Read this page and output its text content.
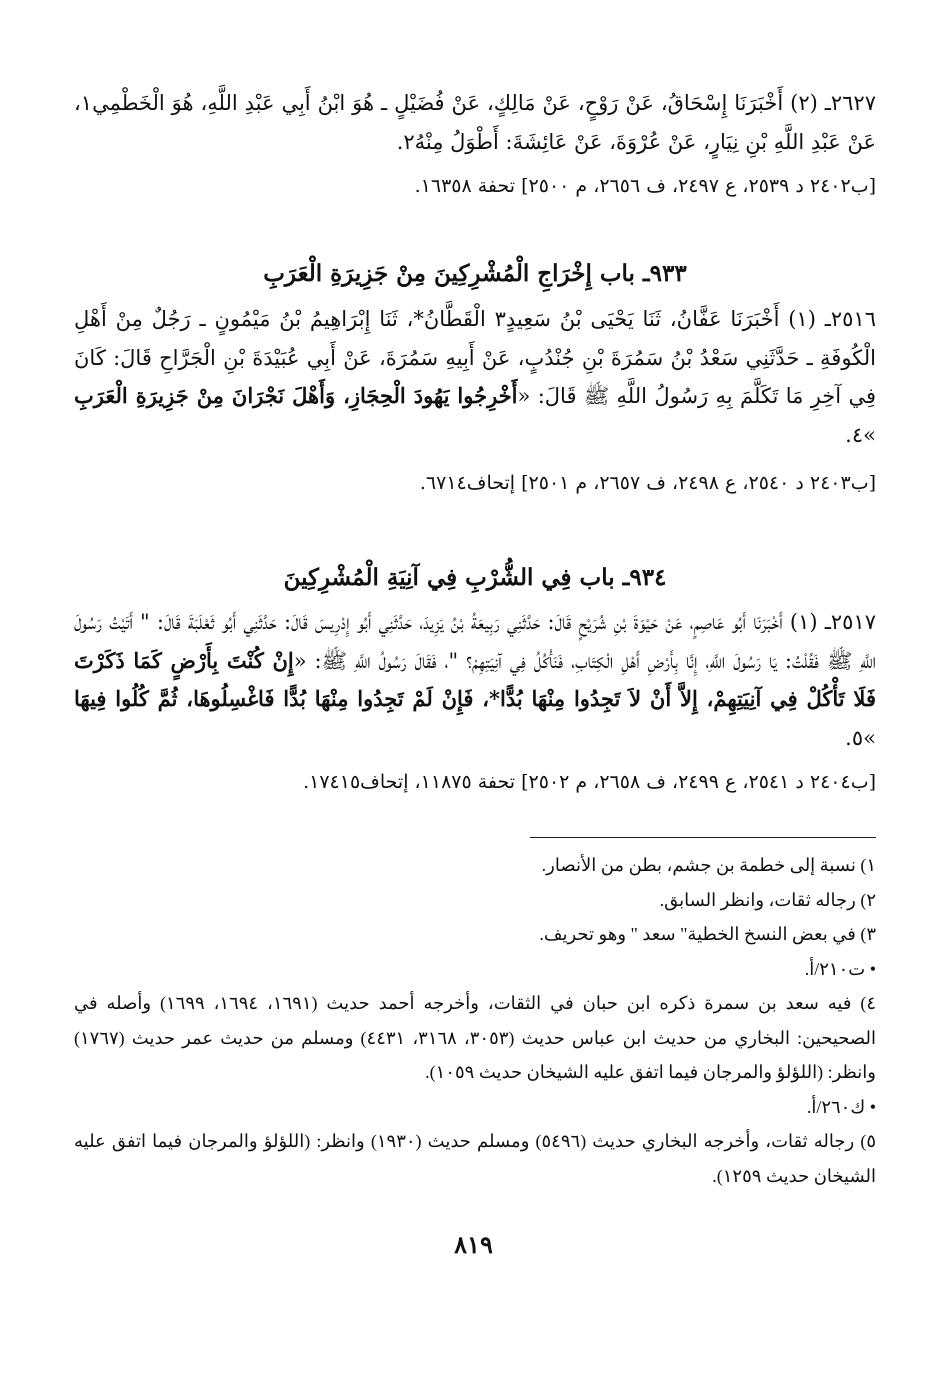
٢٦٢٧ـ (٢) أَخْبَرَنَا إِسْحَاقُ، عَنْ رَوْحٍ، عَنْ مَالِكٍ، عَنْ فُضَيْلٍ ـ هُوَ ابْنُ أَبِي عَبْدِ اللَّهِ، هُوَ الْخَطْمِي١، عَنْ عَبْدِ اللَّهِ بْنِ نِيَارٍ، عَنْ عُرْوَةَ، عَنْ عَائِشَةَ: أَطْوَلُ مِنْهُ٢.

[ب٢٤٠٢ د ٢٥٣٩، ع ٢٤٩٧، ف ٢٦٥٦، م ٢٥٠٠] تحفة ١٦٣٥٨.

٩٣٣ـ باب إِخْرَاجِ الْمُشْرِكِينَ مِنْ جَزِيرَةِ الْعَرَبِ

٢٥١٦ـ (١) أَخْبَرَنَا عَفَّانُ، ثَنَا يَحْيَى بْنُ سَعِيدٍ٣ الْقَطَّانُ*، ثَنَا إِبْرَاهِيمُ بْنُ مَيْمُونٍ ـ رَجُلٌ مِنْ أَهْلِ الْكُوفَةِ ـ حَدَّثَنِي سَعْدُ بْنُ سَمُرَةَ بْنِ جُنْدُبٍ، عَنْ أَبِيهِ سَمُرَةَ، عَنْ أَبِي عُبَيْدَةَ بْنِ الْجَرَّاحِ قَالَ: كَانَ فِي آخِرِ مَا تَكَلَّمَ بِهِ رَسُولُ اللَّهِ ﷺ قَالَ: «أَخْرِجُوا يَهُودَ الْحِجَازِ، وَأَهْلَ نَجْرَانَ مِنْ جَزِيرَةِ الْعَرَبِ »٤.

[ب٢٤٠٣ د ٢٥٤٠، ع ٢٤٩٨، ف ٢٦٥٧، م ٢٥٠١] إتحاف٦٧١٤.

٩٣٤ـ باب فِي الشُّرْبِ فِي آنِيَةِ الْمُشْرِكِينَ

٢٥١٧ـ (١) أَخْبَرَنَا أَبُو عَاصِمٍ، عَنْ حَيْوَةَ بْنِ شُرَيْحٍ قَالَ: حَدَّثَنِي رَبِيعَةُ بْنُ يَزِيدَ، حَدَّثَنِي أَبُو إِدْرِيسَ قَالَ: حَدَّثَنِي أَبُو ثَعْلَبَةَ قَالَ: " أَتَيْتُ رَسُولَ اللَّهِ ﷺ فَقُلْتُ: يَا رَسُولَ اللَّهِ، إِنَّا بِأَرْضِ أَهْلِ الْكِتَابِ، فَنَأْكُلُ فِي آنِيَتِهِمْ؟ "، فَقَالَ رَسُولُ اللَّهِ ﷺ: «إِنْ كُنْتَ بِأَرْضٍ كَمَا ذَكَرْتَ فَلَا تَأْكُلْ فِي آنِيَتِهِمْ، إِلاَّ أَنْ لاَ تَجِدُوا مِنْهَا بُدًّا*، فَإِنْ لَمْ تَجِدُوا مِنْهَا بُدًّا فَاغْسِلُوهَا، ثُمَّ كُلُوا فِيهَا »٥.

[ب٢٤٠٤ د ٢٥٤١، ع ٢٤٩٩، ف ٢٦٥٨، م ٢٥٠٢] تحفة ١١٨٧٥، إتحاف١٧٤١٥.

١) نسبة إلى خطمة بن جشم، بطن من الأنصار.

٢) رجاله ثقات، وانظر السابق.

٣) في بعض النسخ الخطية" سعد " وهو تحريف.

• ت٢١٠/أ.

٤) فيه سعد بن سمرة ذكره ابن حبان في الثقات، وأخرجه أحمد حديث (١٦٩١، ١٦٩٤، ١٦٩٩) وأصله في الصحيحين: البخاري من حديث ابن عباس حديث (٣٠٥٣، ٣١٦٨، ٤٤٣١) ومسلم من حديث عمر حديث (١٧٦٧) وانظر: (اللؤلؤ والمرجان فيما اتفق عليه الشيخان حديث ١٠٥٩).

• ك٢٦٠/أ.

٥) رجاله ثقات، وأخرجه البخاري حديث (٥٤٩٦) ومسلم حديث (١٩٣٠) وانظر: (اللؤلؤ والمرجان فيما اتفق عليه الشيخان حديث ١٢٥٩).

٨١٩
